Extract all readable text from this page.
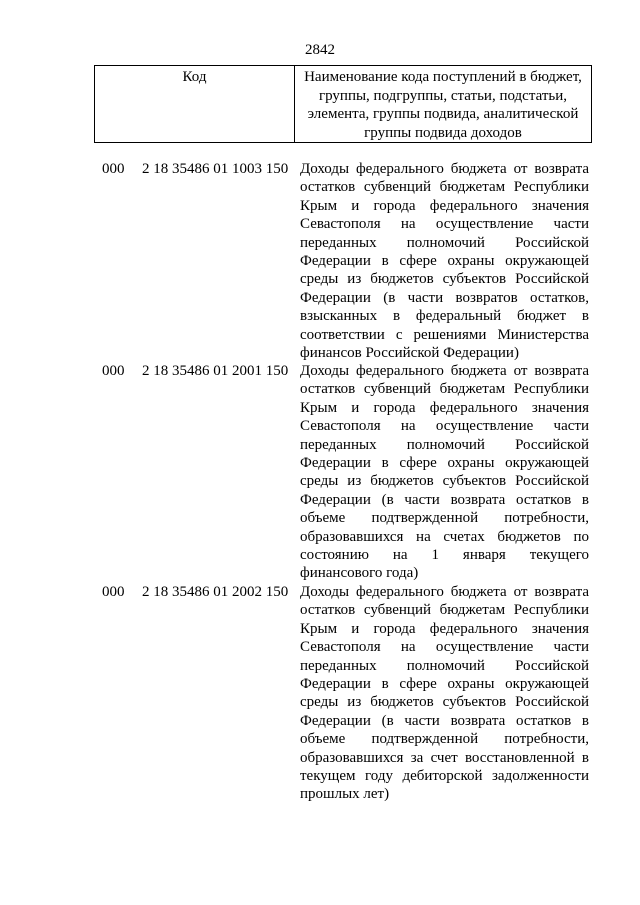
2842
Код	Наименование кода поступлений в бюджет, группы, подгруппы, статьи, подстатьи, элемента, группы подвида, аналитической группы подвида доходов
000 2 18 35486 01 1003 150 Доходы федерального бюджета от возврата остатков субвенций бюджетам Республики Крым и города федерального значения Севастополя на осуществление части переданных полномочий Российской Федерации в сфере охраны окружающей среды из бюджетов субъектов Российской Федерации (в части возвратов остатков, взысканных в федеральный бюджет в соответствии с решениями Министерства финансов Российской Федерации)
000 2 18 35486 01 2001 150 Доходы федерального бюджета от возврата остатков субвенций бюджетам Республики Крым и города федерального значения Севастополя на осуществление части переданных полномочий Российской Федерации в сфере охраны окружающей среды из бюджетов субъектов Российской Федерации (в части возврата остатков в объеме подтвержденной потребности, образовавшихся на счетах бюджетов по состоянию на 1 января текущего финансового года)
000 2 18 35486 01 2002 150 Доходы федерального бюджета от возврата остатков субвенций бюджетам Республики Крым и города федерального значения Севастополя на осуществление части переданных полномочий Российской Федерации в сфере охраны окружающей среды из бюджетов субъектов Российской Федерации (в части возврата остатков в объеме подтвержденной потребности, образовавшихся за счет восстановленной в текущем году дебиторской задолженности прошлых лет)
